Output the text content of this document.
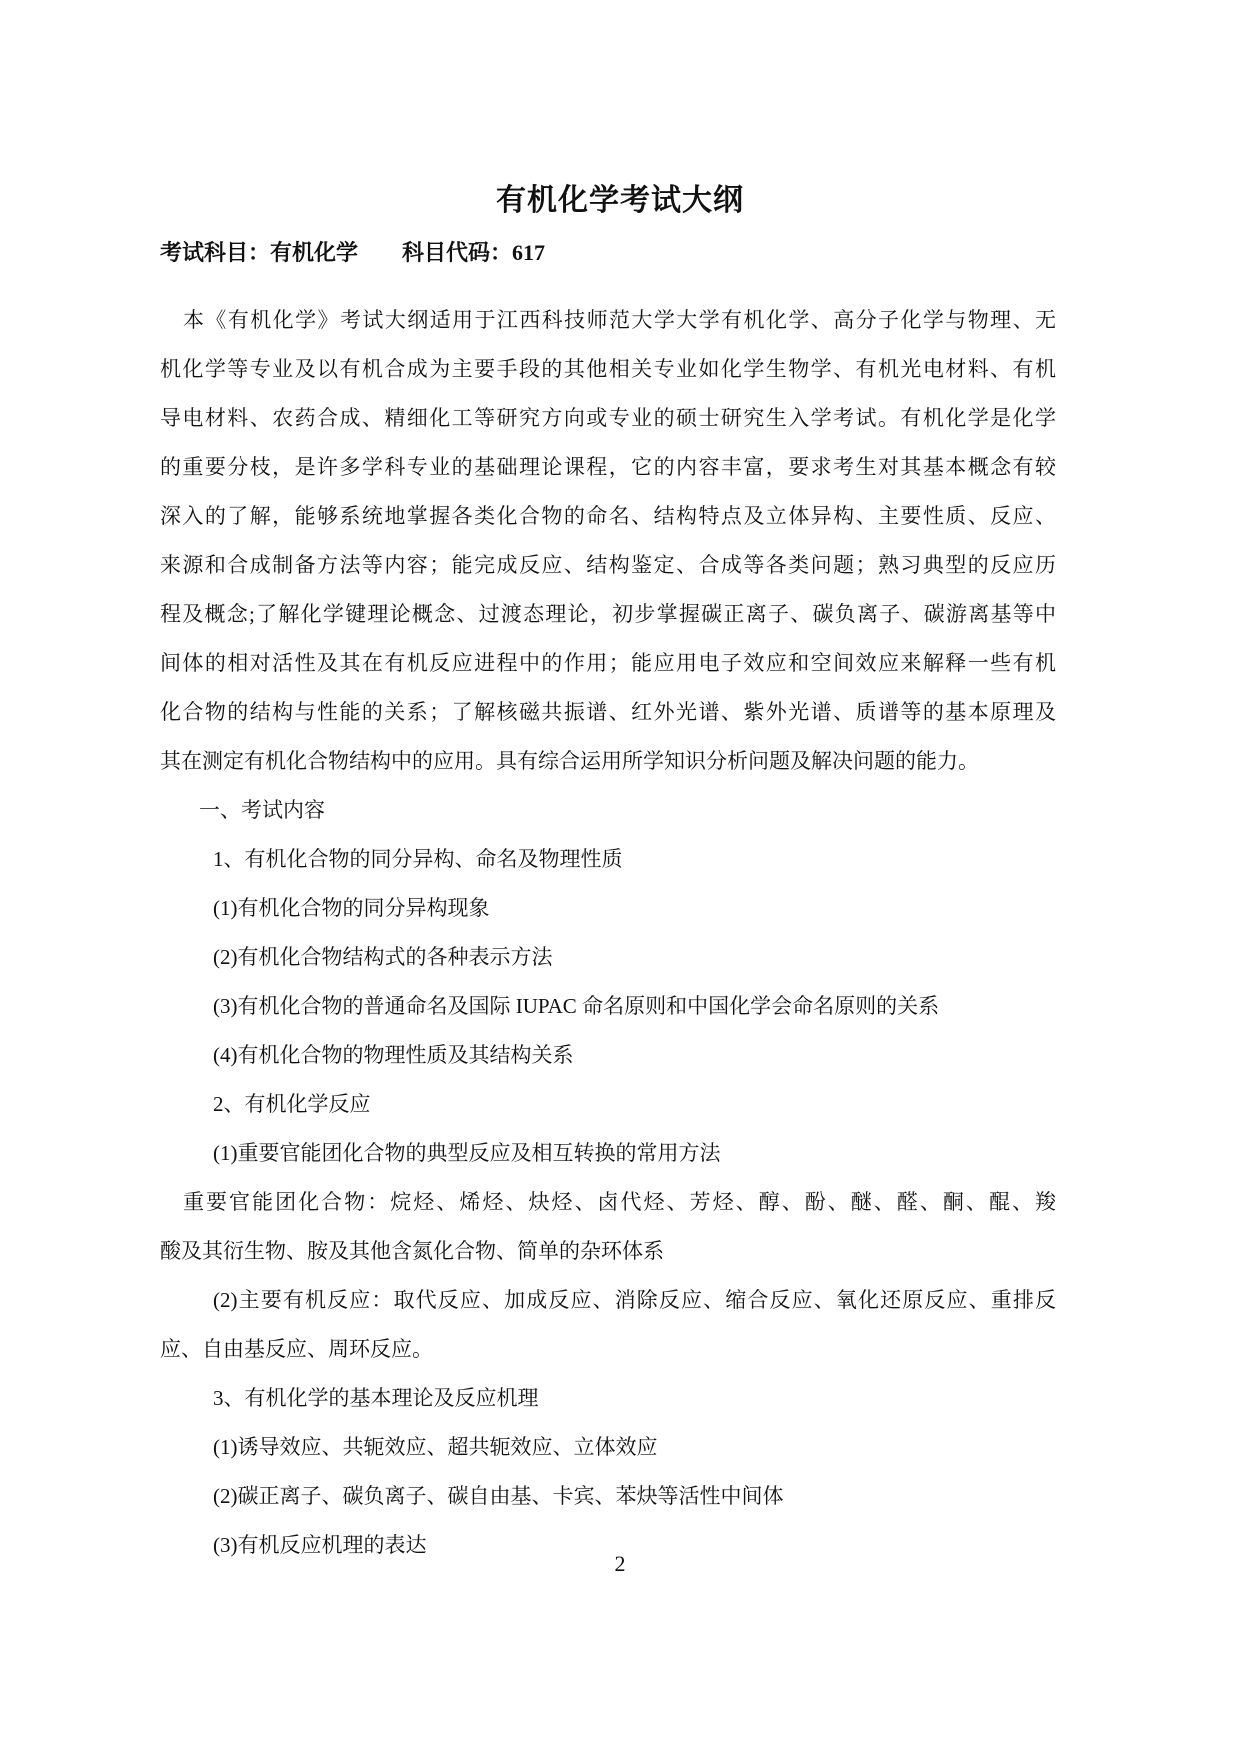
有机化学考试大纲
考试科目：有机化学　　科目代码：617
本《有机化学》考试大纲适用于江西科技师范大学大学有机化学、高分子化学与物理、无
机化学等专业及以有机合成为主要手段的其他相关专业如化学生物学、有机光电材料、有机
导电材料、农药合成、精细化工等研究方向或专业的硕士研究生入学考试。有机化学是化学
的重要分枝，是许多学科专业的基础理论课程，它的内容丰富，要求考生对其基本概念有较
深入的了解，能够系统地掌握各类化合物的命名、结构特点及立体异构、主要性质、反应、
来源和合成制备方法等内容；能完成反应、结构鉴定、合成等各类问题；熟习典型的反应历
程及概念;了解化学键理论概念、过渡态理论，初步掌握碳正离子、碳负离子、碳游离基等中
间体的相对活性及其在有机反应进程中的作用；能应用电子效应和空间效应来解释一些有机
化合物的结构与性能的关系；了解核磁共振谱、红外光谱、紫外光谱、质谱等的基本原理及
其在测定有机化合物结构中的应用。具有综合运用所学知识分析问题及解决问题的能力。
一、考试内容
1、有机化合物的同分异构、命名及物理性质
(1)有机化合物的同分异构现象
(2)有机化合物结构式的各种表示方法
(3)有机化合物的普通命名及国际 IUPAC 命名原则和中国化学会命名原则的关系
(4)有机化合物的物理性质及其结构关系
2、有机化学反应
(1)重要官能团化合物的典型反应及相互转换的常用方法
重要官能团化合物：烷烃、烯烃、炔烃、卤代烃、芳烃、醇、酚、醚、醛、酮、醌、羧
酸及其衍生物、胺及其他含氮化合物、简单的杂环体系
(2)主要有机反应：取代反应、加成反应、消除反应、缩合反应、氧化还原反应、重排反
应、自由基反应、周环反应。
3、有机化学的基本理论及反应机理
(1)诱导效应、共轭效应、超共轭效应、立体效应
(2)碳正离子、碳负离子、碳自由基、卡宾、苯炔等活性中间体
(3)有机反应机理的表达
2
